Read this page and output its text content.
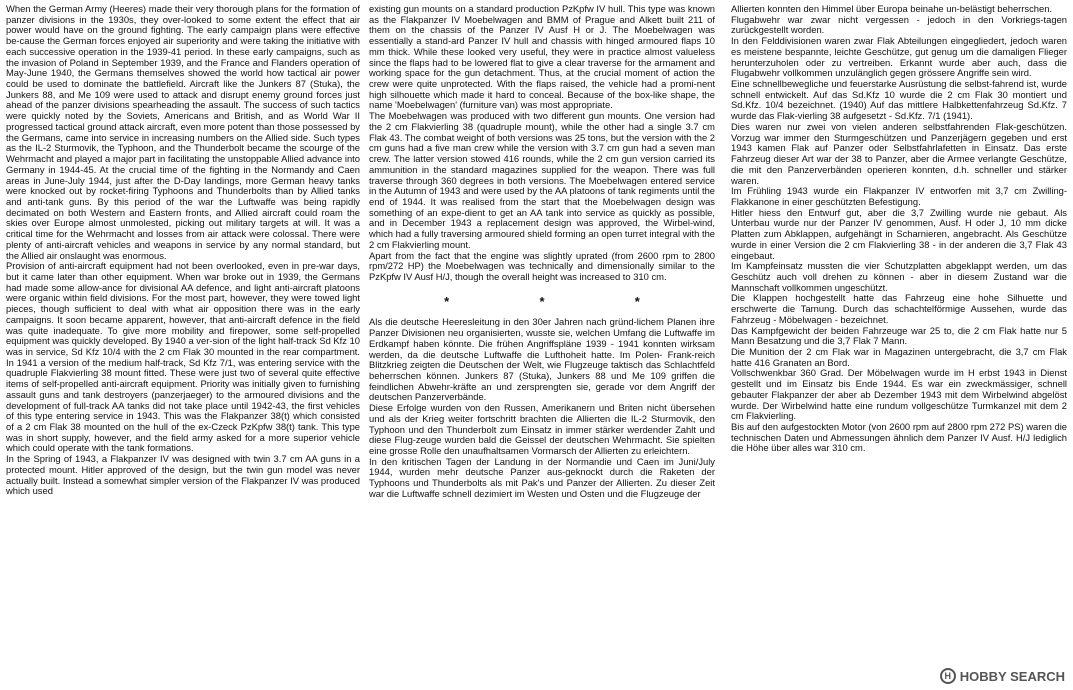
When the German Army (Heeres) made their very thorough plans for the formation of panzer divisions in the 1930s, they over-looked to some extent the effect that air power would have on the ground fighting. The early campaign plans were effective be-cause the German forces enjoyed air superiority and were taking the initiative with each successive operation in the 1939-41 period. In these early campaigns, such as the invasion of Poland in September 1939, and the France and Flanders operation of May-June 1940, the Germans themselves showed the world how tactical air power could be used to dominate the battlefield. Aircraft like the Junkers 87 (Stuka), the Junkers 88, and Me 109 were used to attack and disrupt enemy ground forces just ahead of the panzer divisions spearheading the assault. The success of such tactics were quickly noted by the Soviets, Americans and British, and as World War II progressed tactical ground attack aircraft, even more potent than those possessed by the Germans, came into service in increasing numbers on the Allied side. Such types as the IL-2 Sturmovik, the Typhoon, and the Thunderbolt became the scourge of the Wehrmacht and played a major part in facilitating the unstoppable Allied advance into Germany in 1944-45. At the crucial time of the fighting in the Normandy and Caen areas in June-July 1944, just after the D-Day landings, more German heavy tanks were knocked out by rocket-firing Typhoons and Thunderbolts than by Allied tanks and anti-tank guns. By this period of the war the Luftwaffe was being rapidly decimated on both Western and Eastern fronts, and Allied aircraft could roam the skies over Europe almost unmolested, picking out military targets at will. It was a critical time for the Wehrmacht and losses from air attack were colossal. There were plenty of anti-aircraft vehicles and weapons in service by any normal standard, but the Allied air onslaught was enormous.

Provision of anti-aircraft equipment had not been overlooked, even in pre-war days, but it came later than other equipment. When war broke out in 1939, the Germans had made some allow-ance for divisional AA defence, and light anti-aircraft platoons were organic within field divisions. For the most part, however, they were towed light pieces, though sufficient to deal with what air opposition there was in the early campaigns. It soon became apparent, however, that anti-aircraft defence in the field was quite inadequate. To give more mobility and firepower, some self-propelled equipment was quickly developed. By 1940 a ver-sion of the light half-track Sd Kfz 10 was in service, Sd Kfz 10/4 with the 2 cm Flak 30 mounted in the rear compartment. In 1941 a version of the medium half-track, Sd Kfz 7/1, was entering service with the quadruple Flakvierling 38 mount fitted. These were just two of several quite effective items of self-propelled anti-aircraft equipment. Priority was initially given to furnishing assault guns and tank destroyers (panzerjaeger) to the armoured divisions and the development of full-track AA tanks did not take place until 1942-43, the first vehicles of this type entering service in 1943. This was the Flakpanzer 38(t) which consisted of a 2 cm Flak 38 mounted on the hull of the ex-Czeck PzKpfw 38(t) tank. This type was in short supply, however, and the field army asked for a more superior vehicle which could operate with the tank formations.

In the Spring of 1943, a Flakpanzer IV was designed with twin 3.7 cm AA guns in a protected mount. Hitler approved of the design, but the twin gun model was never actually built. Instead a somewhat simpler version of the Flakpanzer IV was produced which used

existing gun mounts on a standard production PzKpfw IV hull. This type was known as the Flakpanzer IV Moebelwagen and BMM of Prague and Alkett built 211 of them on the chassis of the Panzer IV Ausf H or J. The Moebelwagen was essentially a stand-ard Panzer IV hull and chassis with hinged armoured flaps 10 mm thick. While these looked very useful, they were in practice almost valueless since the flaps had to be lowered flat to give a clear traverse for the armament and working space for the gun detachment. Thus, at the crucial moment of action the crew were quite unprotected. With the flaps raised, the vehicle had a promi-nent high silhouette which made it hard to conceal. Because of the box-like shape, the name 'Moebelwagen' (furniture van) was most appropriate.

The Moebelwagen was produced with two different gun mounts. One version had the 2 cm Flakvierling 38 (quadruple mount), while the other had a single 3.7 cm Flak 43. The combat weight of both versions was 25 tons, but the version with the 2 cm guns had a five man crew while the version with 3.7 cm gun had a seven man crew. The latter version stowed 416 rounds, while the 2 cm gun version carried its ammunition in the standard magazines supplied for the weapon. There was full traverse through 360 degrees in both versions. The Moebelwagen entered service in the Autumn of 1943 and were used by the AA platoons of tank regiments until the end of 1944. It was realised from the start that the Moebelwagen design was something of an expe-dient to get an AA tank into service as quickly as possible, and in December 1943 a replacement design was approved, the Wirbel-wind, which had a fully traversing armoured shield forming an open turret integral with the 2 cm Flakvierling mount.

Apart from the fact that the engine was slightly uprated (from 2600 rpm to 2800 rpm/272 HP) the Moebelwagen was technically and dimensionally similar to the PzKpfw IV Ausf H/J, though the overall height was increased to 310 cm.

*	*	*

Als die deutsche Heeresleitung in den 30er Jahren nach gründ-lichem Planen ihre Panzer Divisionen neu organisierten, wusste sie, welchen Umfang die Luftwaffe im Erdkampf haben könnte. Die frühen Angriffspläne 1939 - 1941 konnten wirksam werden, da die deutsche Luftwaffe die Lufthoheit hatte. Im Polen- Frank-reich Blitzkrieg zeigten die Deutschen der Welt, wie Flugzeuge taktisch das Schlachtfeld beherrschen können. Junkers 87 (Stuka), Junkers 88 und Me 109 griffen die feindlichen Abwehr-kräfte an und zersprengten sie, gerade vor dem Angriff der deutschen Panzerverbände.

Diese Erfolge wurden von den Russen, Amerikanern und Briten nicht übersehen und als der Krieg weiter fortschritt brachten die Allierten die IL-2 Sturmovik, den Typhoon und den Thunderbolt zum Einsatz in immer stärker werdender Zahlt und diese Flug-zeuge wurden bald die Geissel der deutschen Wehrmacht. Sie spielten eine grosse Rolle den unaufhaltsamen Vormarsch der Allierten zu erleichtern.

In den kritischen Tagen der Landung in der Normandie und Caen im Juni/July 1944, wurden mehr deutsche Panzer aus-geknockt durch die Raketen der Typhoons und Thunderbolts als mit Pak's und Panzer der Allierten. Zu dieser Zeit war die Luftwaffe schnell dezimiert im Westen und Osten und die Flugzeuge der

Allierten konnten den Himmel über Europa beinahe un-belästigt beherrschen.

Flugabwehr war zwar nicht vergessen - jedoch in den Vorkriegs-tagen zurückgestellt worden.

In den Felddivisionen waren zwar Flak Abteilungen eingegliedert, jedoch waren es meistene bespannte, leichte Geschütze, gut genug um die damaligen Flieger herunterzuholen oder zu vertreiben. Erkannt wurde aber auch, dass die Flugabwehr vollkommen unzulänglich gegen grössere Angriffe sein wird.

Eine schnellbewegliche und feuerstarke Ausrüstung die selbst-fahrend ist, wurde schnell entwickelt. Auf das Sd.Kfz 10 wurde die 2 cm Flak 30 montiert und Sd.Kfz. 10/4 bezeichnet. (1940) Auf das mittlere Halbkettenfahrzeug Sd.Kfz. 7 wurde das Flak-vierling 38 aufgesetzt - Sd.Kfz. 7/1 (1941).

Dies waren nur zwei von vielen anderen selbstfahrenden Flak-geschützen. Vorzug war immer den Sturmgeschützen und Panzerjägern gegeben und erst 1943 kamen Flak auf Panzer oder Selbstfahrlafetten in Einsatz. Das erste Fahrzeug dieser Art war der 38 to Panzer, aber die Armee verlangte Geschütze, die mit den Panzerverbänden operieren konnten, d.h. schneller und stärker waren.

Im Frühling 1943 wurde ein Flakpanzer IV entworfen mit 3,7 cm Zwilling-Flakkanone in einer geschützten Befestigung.

Hitler hiess den Entwurf gut, aber die 3,7 Zwilling wurde nie gebaut. Als Unterbau wurde nur der Panzer IV genommen, Ausf. H oder J, 10 mm dicke Platten zum Abklappen, aufgehängt in Scharnieren, angebracht. Als Geschütze wurde in einer Version die 2 cm Flakvierling 38 - in der anderen die 3,7 Flak 43 eingebaut.

Im Kampfeinsatz mussten die vier Schutzplatten abgeklappt werden, um das Geschütz auch voll drehen zu können - aber in diesem Zustand war die Mannschaft vollkommen ungeschützt.

Die Klappen hochgestellt hatte das Fahrzeug eine hohe Silhuette und erschwerte die Tarnung. Durch das schachtelförmige Aussehen, wurde das Fahrzeug - Möbelwagen - bezeichnet.

Das Kampfgewicht der beiden Fahrzeuge war 25 to, die 2 cm Flak hatte nur 5 Mann Besatzung und die 3,7 Flak 7 Mann.

Die Munition der 2 cm Flak war in Magazinen untergebracht, die 3,7 cm Flak hatte 416 Granaten an Bord.

Vollschwenkbar 360 Grad. Der Möbelwagen wurde im H erbst 1943 in Dienst gestellt und im Einsatz bis Ende 1944. Es war ein zweckmässiger, schnell gebauter Flakpanzer der aber ab Dezember 1943 mit dem Wirbelwind abgelöst wurde. Der Wirbelwind hatte eine rundum vollgeschütze Turmkanzel mit dem 2 cm Flakvierling.

Bis auf den aufgestockten Motor (von 2600 rpm auf 2800 rpm 272 PS) waren die technischen Daten und Abmessungen ähnlich dem Panzer IV Ausf. H/J lediglich die Höhe über alles war 310 cm.

H HOBBY SEARCH
